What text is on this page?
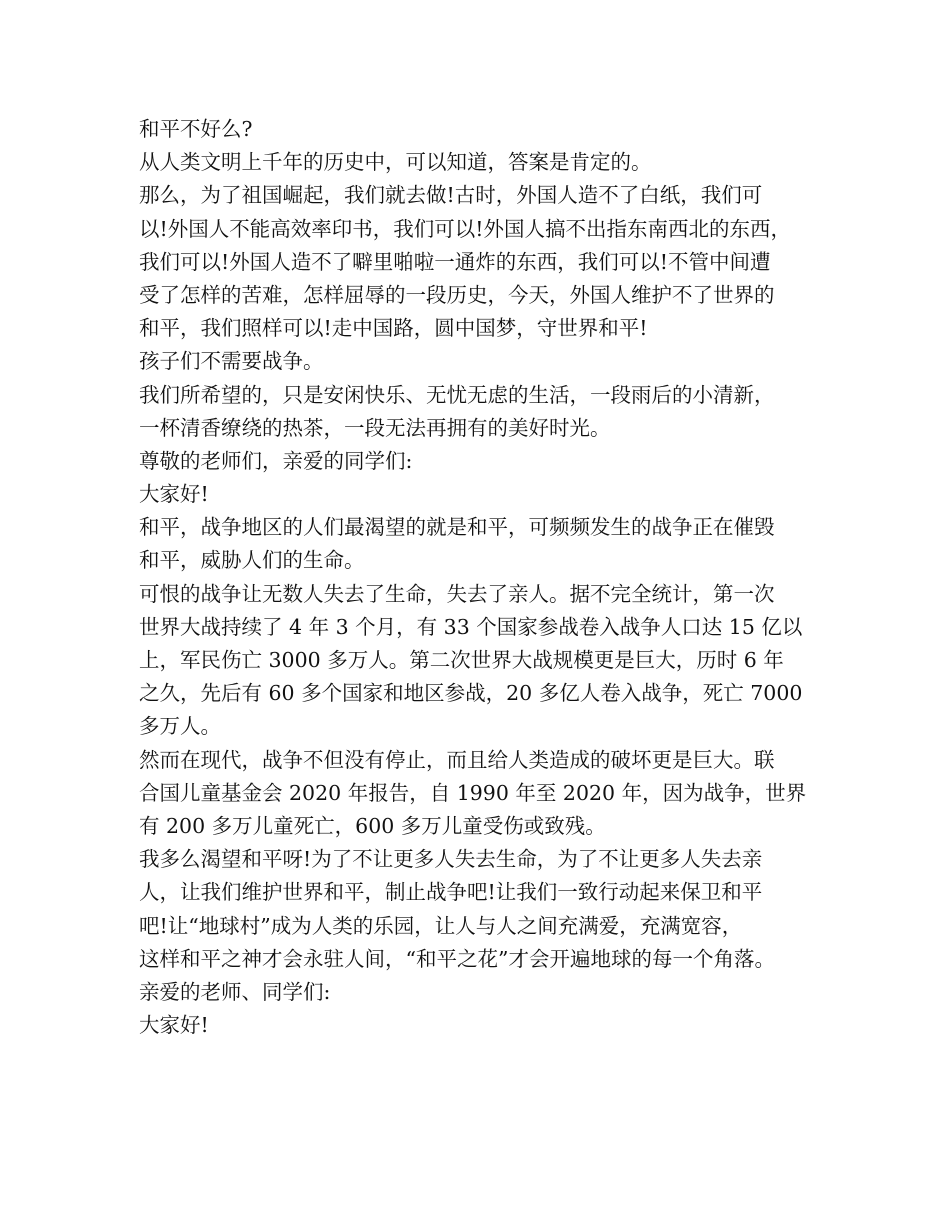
和平不好么?
从人类文明上千年的历史中，可以知道，答案是肯定的。
那么，为了祖国崛起，我们就去做!古时，外国人造不了白纸，我们可
以!外国人不能高效率印书，我们可以!外国人搞不出指东南西北的东西，
我们可以!外国人造不了噼里啪啦一通炸的东西，我们可以!不管中间遭
受了怎样的苦难，怎样屈辱的一段历史，今天，外国人维护不了世界的
和平，我们照样可以!走中国路，圆中国梦，守世界和平!
孩子们不需要战争。
我们所希望的，只是安闲快乐、无忧无虑的生活，一段雨后的小清新，
一杯清香缭绕的热茶，一段无法再拥有的美好时光。
尊敬的老师们，亲爱的同学们:
大家好!
和平，战争地区的人们最渴望的就是和平，可频频发生的战争正在催毁
和平，威胁人们的生命。
可恨的战争让无数人失去了生命，失去了亲人。据不完全统计，第一次
世界大战持续了 4 年 3 个月，有 33 个国家参战卷入战争人口达 15 亿以
上，军民伤亡 3000 多万人。第二次世界大战规模更是巨大，历时 6 年
之久，先后有 60 多个国家和地区参战，20 多亿人卷入战争，死亡 7000
多万人。
然而在现代，战争不但没有停止，而且给人类造成的破坏更是巨大。联
合国儿童基金会 2020 年报告，自 1990 年至 2020 年，因为战争，世界
有 200 多万儿童死亡，600 多万儿童受伤或致残。
我多么渴望和平呀!为了不让更多人失去生命，为了不让更多人失去亲
人，让我们维护世界和平，制止战争吧!让我们一致行动起来保卫和平
吧!让“地球村”成为人类的乐园，让人与人之间充满爱，充满宽容，
这样和平之神才会永驻人间，“和平之花”才会开遍地球的每一个角落。
亲爱的老师、同学们:
大家好!
